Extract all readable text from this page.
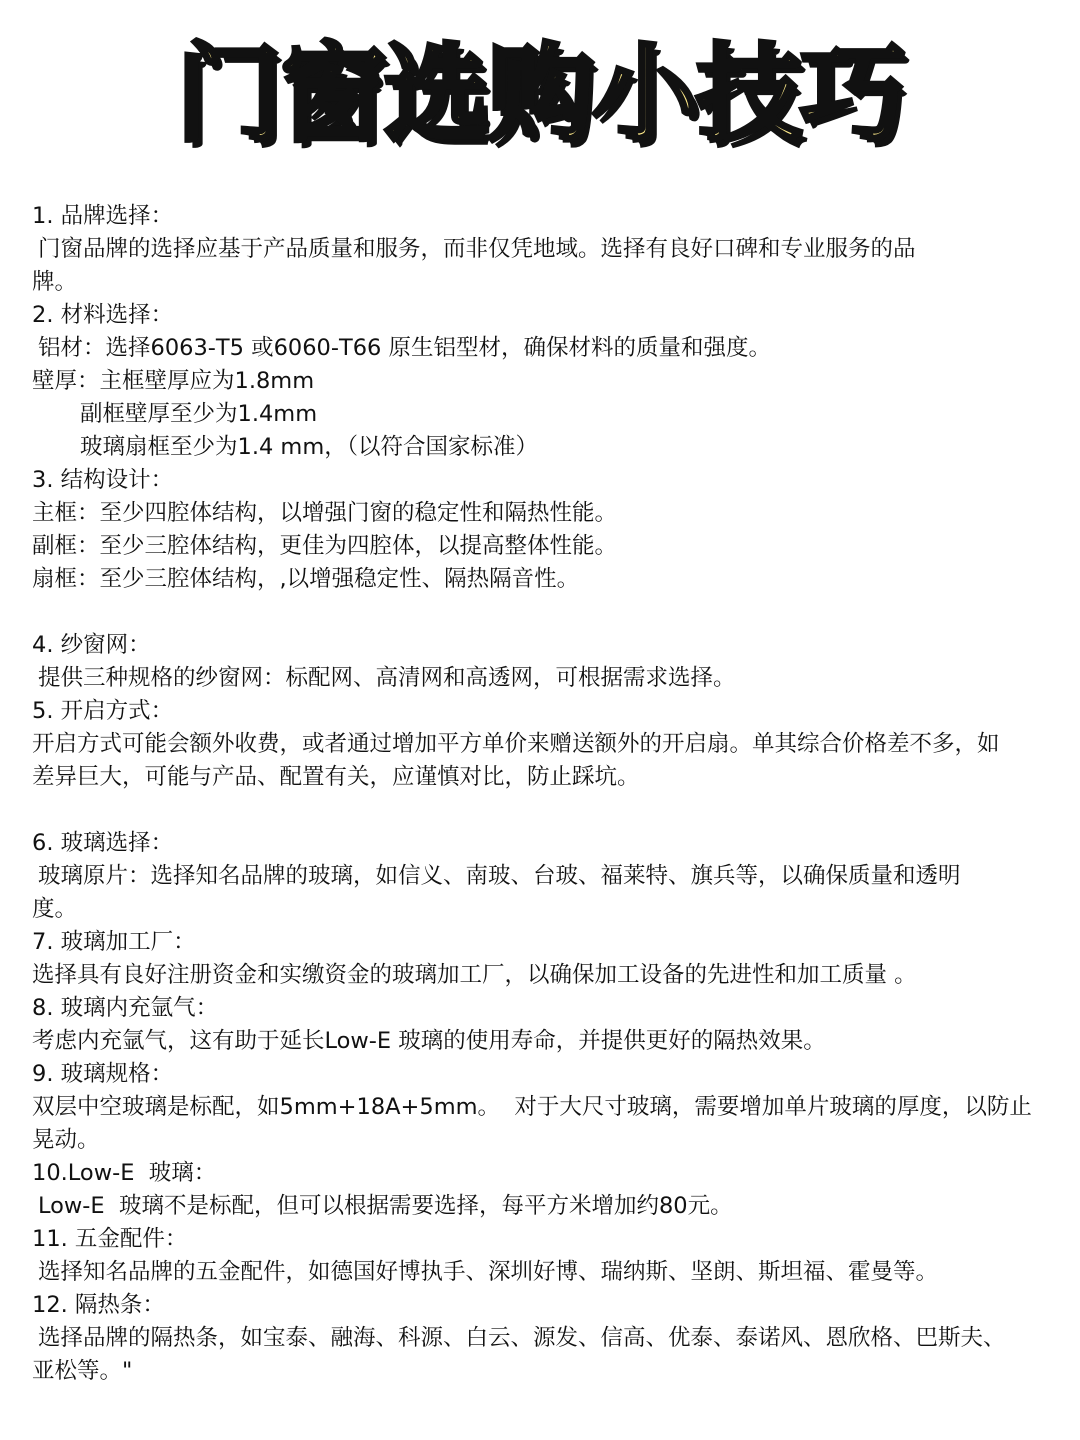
门窗选购小技巧
1. 品牌选择：
门窗品牌的选择应基于产品质量和服务，而非仅凭地域。选择有良好口碑和专业服务的品
牌。
2. 材料选择：
铝材：选择6063-T5 或6060-T66 原生铝型材，确保材料的质量和强度。
壁厚：主框壁厚应为1.8mm
副框壁厚至少为1.4mm
玻璃扇框至少为1.4 mm，（以符合国家标准）
3. 结构设计：
主框：至少四腔体结构，以增强门窗的稳定性和隔热性能。
副框：至少三腔体结构，更佳为四腔体，以提高整体性能。
扇框：至少三腔体结构，,以增强稳定性、隔热隔音性。
4. 纱窗网：
提供三种规格的纱窗网：标配网、高清网和高透网，可根据需求选择。
5. 开启方式：
开启方式可能会额外收费，或者通过增加平方单价来赠送额外的开启扇。单其综合价格差不多，如
差异巨大，可能与产品、配置有关，应谨慎对比，防止踩坑。
6. 玻璃选择：
玻璃原片：选择知名品牌的玻璃，如信义、南玻、台玻、福莱特、旗兵等，以确保质量和透明
度。
7. 玻璃加工厂：
选择具有良好注册资金和实缴资金的玻璃加工厂，以确保加工设备的先进性和加工质量 。
8. 玻璃内充氩气：
考虑内充氩气，这有助于延长Low-E 玻璃的使用寿命，并提供更好的隔热效果。
9. 玻璃规格：
双层中空玻璃是标配，如5mm+18A+5mm。  对于大尺寸玻璃，需要增加单片玻璃的厚度，以防止
晃动。
10.Low-E  玻璃：
Low-E  玻璃不是标配，但可以根据需要选择，每平方米增加约80元。
11. 五金配件：
选择知名品牌的五金配件，如德国好博执手、深圳好博、瑞纳斯、坚朗、斯坦福、霍曼等。
12. 隔热条：
选择品牌的隔热条，如宝泰、融海、科源、白云、源发、信高、优泰、泰诺风、恩欣格、巴斯夫、
亚松等。"
